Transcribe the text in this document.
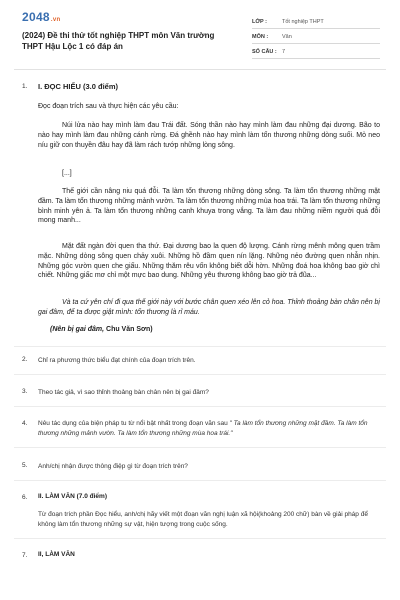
2048.vn
(2024) Đề thi thử tốt nghiệp THPT môn Văn trường THPT Hậu Lộc 1 có đáp án
LỚP :	Tốt nghiệp THPT
MÔN :	Văn
SỐ CÂU : 7
1. I. ĐỌC HIỂU (3.0 điểm)
Đọc đoạn trích sau và thực hiện các yêu cầu:
Núi lửa nào hay mình làm đau Trái đất. Sóng thần nào hay mình làm đau những đại dương. Bão to nào hay mình làm đau những cánh rừng. Đá ghềnh nào hay mình làm tổn thương những dòng suối. Mỏ neo níu giữ con thuyền đâu hay đã làm rách tướp những lòng sông.
[...]
Thế giới cần nâng niu quá đỗi. Ta làm tổn thương những dòng sông. Ta làm tổn thương những mặt đầm. Ta làm tổn thương những mảnh vườn. Ta làm tổn thương những mùa hoa trái. Ta làm tổn thương những bình minh yên ả. Ta làm tổn thương những canh khuya trong vắng. Ta làm đau những niềm người quá đỗi mong manh...
Mặt đất ngàn đời quen tha thứ. Đại dương bao la quen độ lượng. Cánh rừng mênh mông quen trầm mặc. Những dòng sông quen chảy xuôi. Những hồ đầm quen nín lặng. Những nẻo đường quen nhẫn nhịn. Những góc vườn quen che giấu. Những thăm rêu vốn không biết dỗi hờn. Những đoá hoa không bao giờ chì chiết. Những giấc mơ chỉ một mực bao dung. Những yêu thương không bao giờ trả đũa...
Và ta cứ yên chí đi qua thế giới này với bước chân quen xéo lên cỏ hoa. Thỉnh thoảng bàn chân nên bị gai đâm, để ta được giật mình: tổn thương là rỉ máu.
(Nên bị gai đâm, Chu Văn Sơn)
2. Chỉ ra phương thức biểu đạt chính của đoạn trích trên.
3. Theo tác giả, vì sao thỉnh thoảng bàn chân nên bị gai đâm?
4. Nêu tác dụng của biện pháp tu từ nổi bật nhất trong đoạn văn sau " Ta làm tổn thương những mặt đầm. Ta làm tổn thương những mảnh vườn. Ta làm tổn thương những mùa hoa trái."
5. Anh/chị nhận được thông điệp gì từ đoạn trích trên?
6. II. LÀM VĂN (7.0 điểm)
Từ đoạn trích phần Đọc hiểu, anh/chị hãy viết một đoạn văn nghị luận xã hội(khoảng 200 chữ) bàn về giải pháp để không làm tổn thương những sự vật, hiện tượng trong cuộc sống.
7. II, LÀM VĂN
